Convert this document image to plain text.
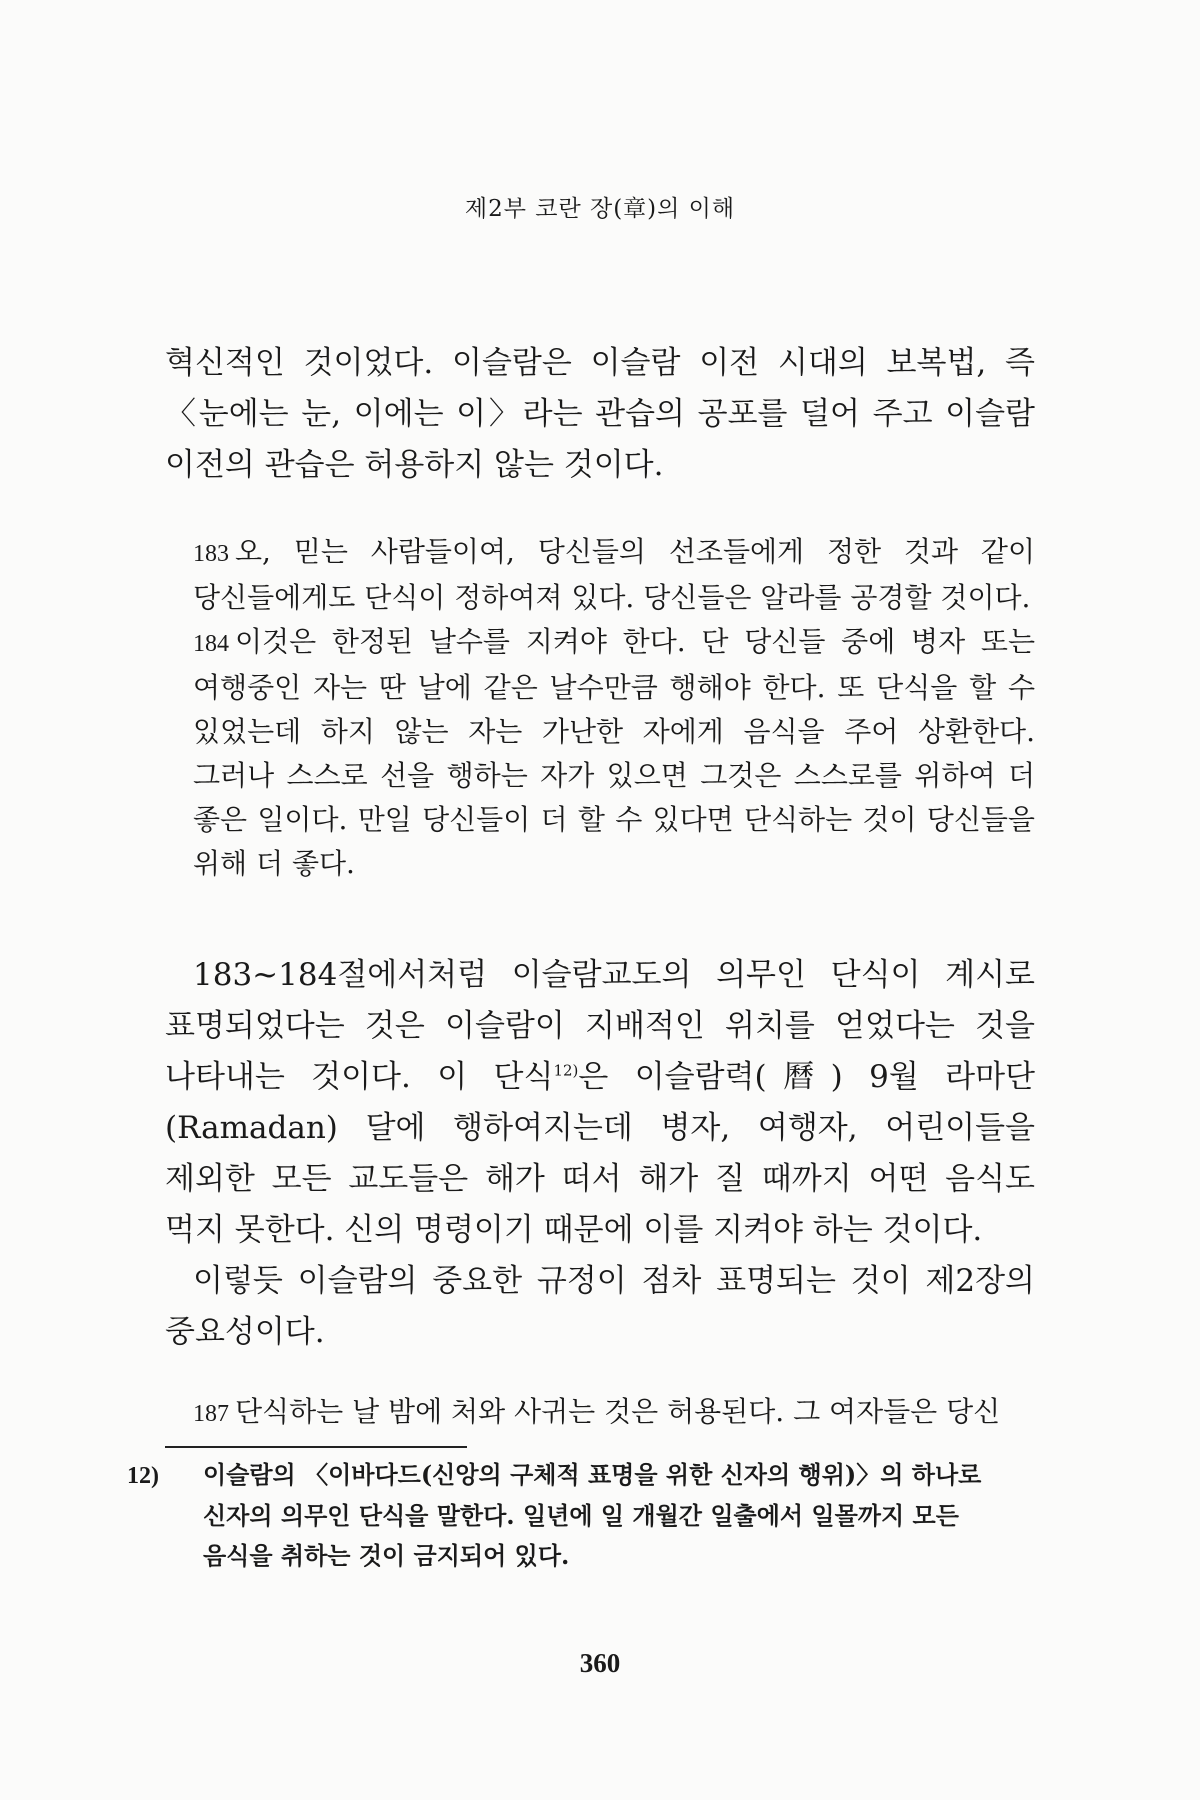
제2부 코란 장(章)의 이해

혁신적인 것이었다. 이슬람은 이슬람 이전 시대의 보복법, 즉 〈눈에는 눈, 이에는 이〉라는 관습의 공포를 덜어 주고 이슬람 이전의 관습은 허용하지 않는 것이다.

183 오, 믿는 사람들이여, 당신들의 선조들에게 정한 것과 같이 당신들에게도 단식이 정하여져 있다. 당신들은 알라를 공경할 것이다.

184 이것은 한정된 날수를 지켜야 한다. 단 당신들 중에 병자 또는 여행중인 자는 딴 날에 같은 날수만큼 행해야 한다. 또 단식을 할 수 있었는데 하지 않는 자는 가난한 자에게 음식을 주어 상환한다. 그러나 스스로 선을 행하는 자가 있으면 그것은 스스로를 위하여 더 좋은 일이다. 만일 당신들이 더 할 수 있다면 단식하는 것이 당신들을 위해 더 좋다.

183~184절에서처럼 이슬람교도의 의무인 단식이 계시로 표명되었다는 것은 이슬람이 지배적인 위치를 얻었다는 것을 나타내는 것이다. 이 단식$^{12)}$은 이슬람력(曆) 9월 라마단(Ramadan) 달에 행하여지는데 병자, 여행자, 어린이들을 제외한 모든 교도들은 해가 떠서 해가 질 때까지 어떤 음식도 먹지 못한다. 신의 명령이기 때문에 이를 지켜야 하는 것이다.

이렇듯 이슬람의 중요한 규정이 점차 표명되는 것이 제2장의 중요성이다.

187 단식하는 날 밤에 처와 사귀는 것은 허용된다. 그 여자들은 당신

12) 이슬람의 〈이바다드(신앙의 구체적 표명을 위한 신자의 행위)〉의 하나로 신자의 의무인 단식을 말한다. 일년에 일 개월간 일출에서 일몰까지 모든 음식을 취하는 것이 금지되어 있다.
360
